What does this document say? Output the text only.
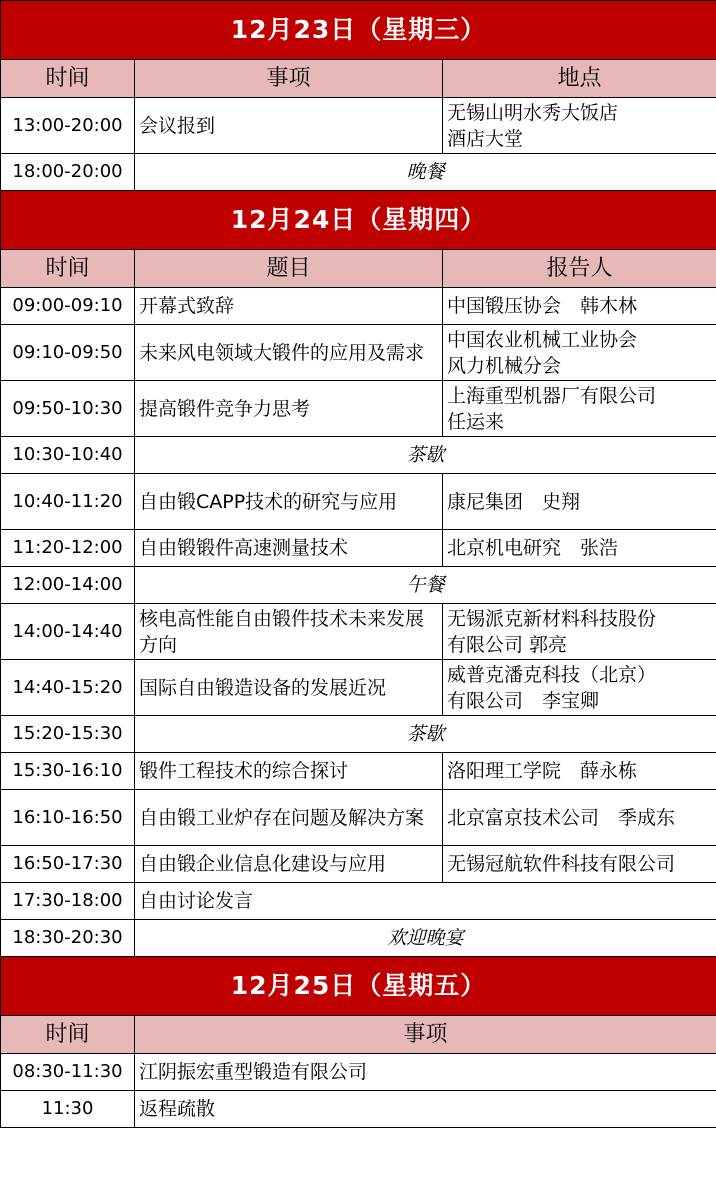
12月23日（星期三）		
时间	事项	地点
13:00-20:00	会议报到	无锡山明水秀大饭店
酒店大堂
18:00-20:00	晚餐	
12月24日（星期四）		
时间	题目	报告人
09:00-09:10	开幕式致辞	中国锻压协会　韩木林
09:10-09:50	未来风电领域大锻件的应用及需求	中国农业机械工业协会
风力机械分会
09:50-10:30	提高锻件竞争力思考	上海重型机器厂有限公司
任运来
10:30-10:40	茶歇	
10:40-11:20	自由锻CAPP技术的研究与应用	康尼集团　史翔
11:20-12:00	自由锻锻件高速测量技术	北京机电研究　张浩
12:00-14:00	午餐	
14:00-14:40	核电高性能自由锻件技术未来发展方向	无锡派克新材料科技股份
有限公司 郭亮
14:40-15:20	国际自由锻造设备的发展近况	威普克潘克科技（北京）
有限公司　李宝卿
15:20-15:30	茶歇	
15:30-16:10	锻件工程技术的综合探讨	洛阳理工学院　薛永栋
16:10-16:50	自由锻工业炉存在问题及解决方案	北京富京技术公司　季成东
16:50-17:30	自由锻企业信息化建设与应用	无锡冠航软件科技有限公司
17:30-18:00	自由讨论发言	
18:30-20:30	欢迎晚宴	
12月25日（星期五）		
时间	事项	
08:30-11:30	江阴振宏重型锻造有限公司	
11:30	返程疏散	
